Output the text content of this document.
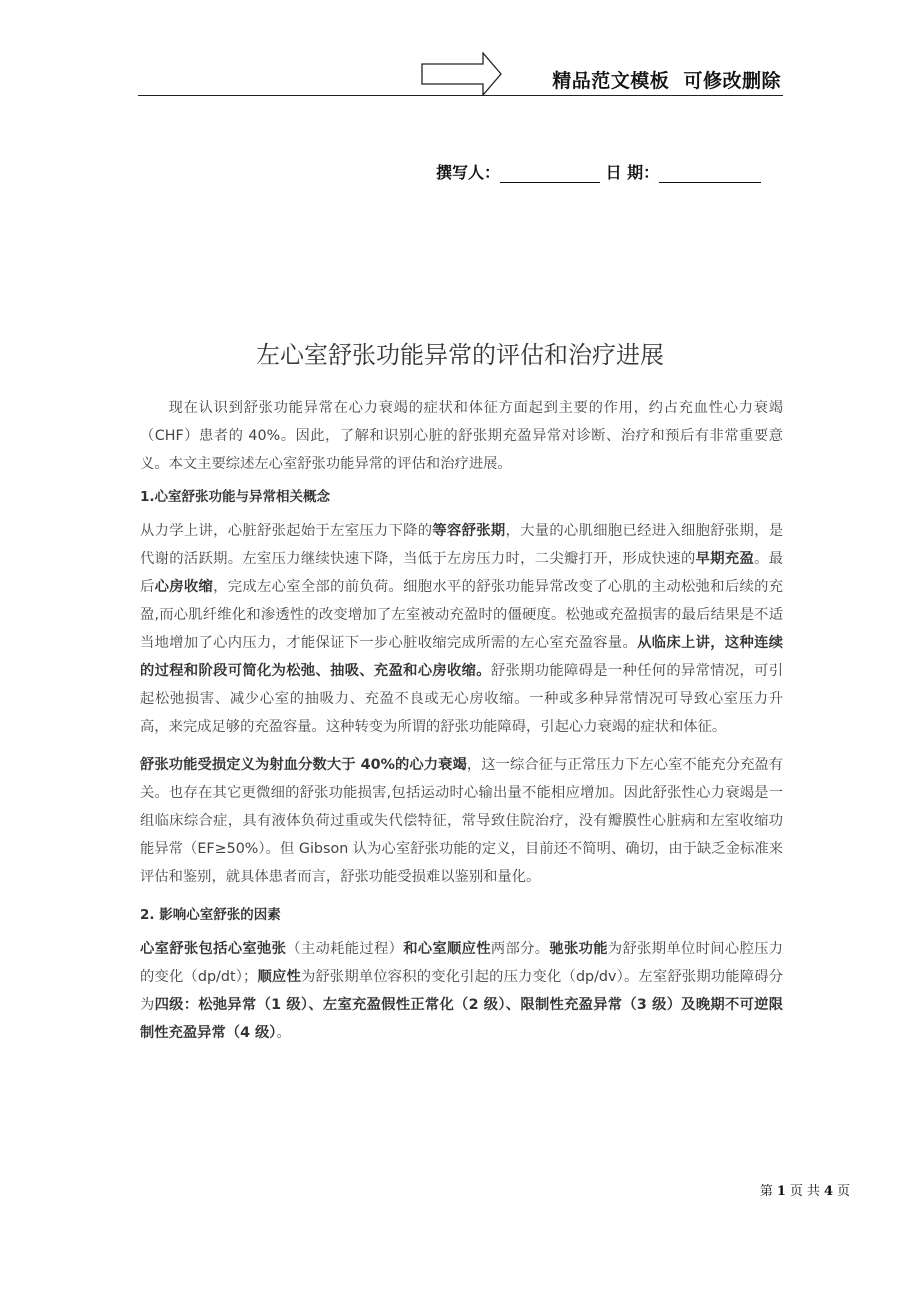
精品范文模板  可修改删除
撰写人：	日 期：
左心室舒张功能异常的评估和治疗进展

现在认识到舒张功能异常在心力衰竭的症状和体征方面起到主要的作用，约占充血性心力衰竭（CHF）患者的 40%。因此，了解和识别心脏的舒张期充盈异常对诊断、治疗和预后有非常重要意义。本文主要综述左心室舒张功能异常的评估和治疗进展。

1.心室舒张功能与异常相关概念

从力学上讲，心脏舒张起始于左室压力下降的等容舒张期，大量的心肌细胞已经进入细胞舒张期，是代谢的活跃期。左室压力继续快速下降，当低于左房压力时，二尖瓣打开，形成快速的早期充盈。最后心房收缩，完成左心室全部的前负荷。细胞水平的舒张功能异常改变了心肌的主动松弛和后续的充盈,而心肌纤维化和渗透性的改变增加了左室被动充盈时的僵硬度。松弛或充盈损害的最后结果是不适当地增加了心内压力，才能保证下一步心脏收缩完成所需的左心室充盈容量。从临床上讲，这种连续的过程和阶段可简化为松弛、抽吸、充盈和心房收缩。舒张期功能障碍是一种任何的异常情况，可引起松弛损害、减少心室的抽吸力、充盈不良或无心房收缩。一种或多种异常情况可导致心室压力升高，来完成足够的充盈容量。这种转变为所谓的舒张功能障碍，引起心力衰竭的症状和体征。

舒张功能受损定义为射血分数大于 40%的心力衰竭，这一综合征与正常压力下左心室不能充分充盈有关。也存在其它更微细的舒张功能损害,包括运动时心输出量不能相应增加。因此舒张性心力衰竭是一组临床综合症，具有液体负荷过重或失代偿特征，常导致住院治疗，没有瓣膜性心脏病和左室收缩功能异常（EF≥50%）。但 Gibson 认为心室舒张功能的定义，目前还不简明、确切，由于缺乏金标准来评估和鉴别，就具体患者而言，舒张功能受损难以鉴别和量化。

2. 影响心室舒张的因素

心室舒张包括心室弛张（主动耗能过程）和心室顺应性两部分。驰张功能为舒张期单位时间心腔压力的变化（dp/dt）；顺应性为舒张期单位容积的变化引起的压力变化（dp/dv）。左室舒张期功能障碍分为四级：松弛异常（1 级）、左室充盈假性正常化（2 级）、限制性充盈异常（3 级）及晚期不可逆限制性充盈异常（4 级）。

第 1 页 共 4 页
